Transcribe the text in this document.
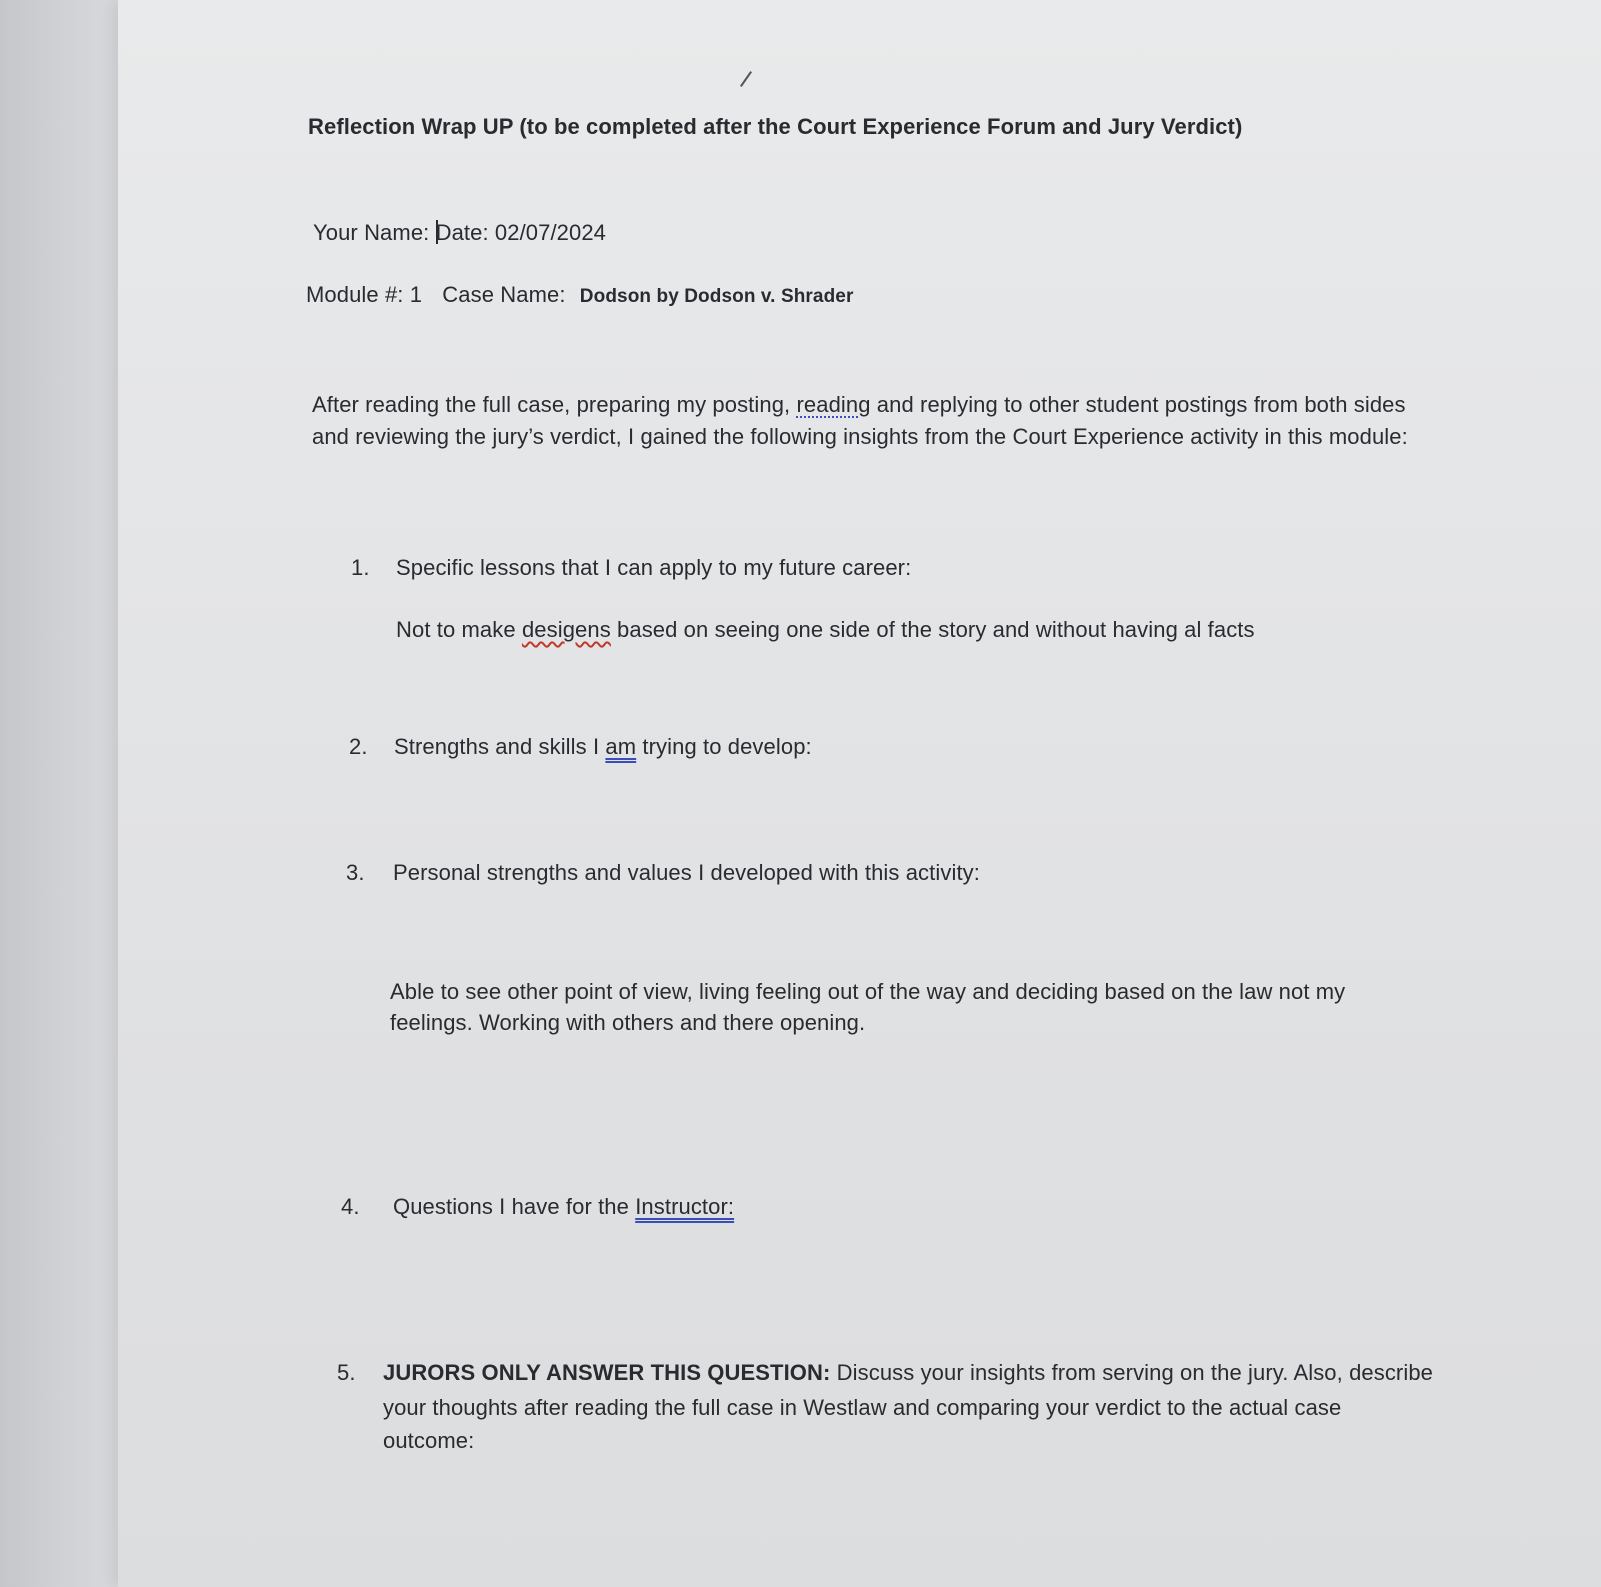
Reflection Wrap UP (to be completed after the Court Experience Forum and Jury Verdict)
Your Name: Date: 02/07/2024
Module #: 1 Case Name: Dodson by Dodson v. Shrader
After reading the full case, preparing my posting, reading and replying to other student postings from both sides
and reviewing the jury’s verdict, I gained the following insights from the Court Experience activity in this module:
1. Specific lessons that I can apply to my future career:
Not to make desigens based on seeing one side of the story and without having al facts
2. Strengths and skills I am trying to develop:
3. Personal strengths and values I developed with this activity:
Able to see other point of view, living feeling out of the way and deciding based on the law not my
feelings. Working with others and there opening.
4. Questions I have for the Instructor:
5. JURORS ONLY ANSWER THIS QUESTION: Discuss your insights from serving on the jury. Also, describe
your thoughts after reading the full case in Westlaw and comparing your verdict to the actual case
outcome:
